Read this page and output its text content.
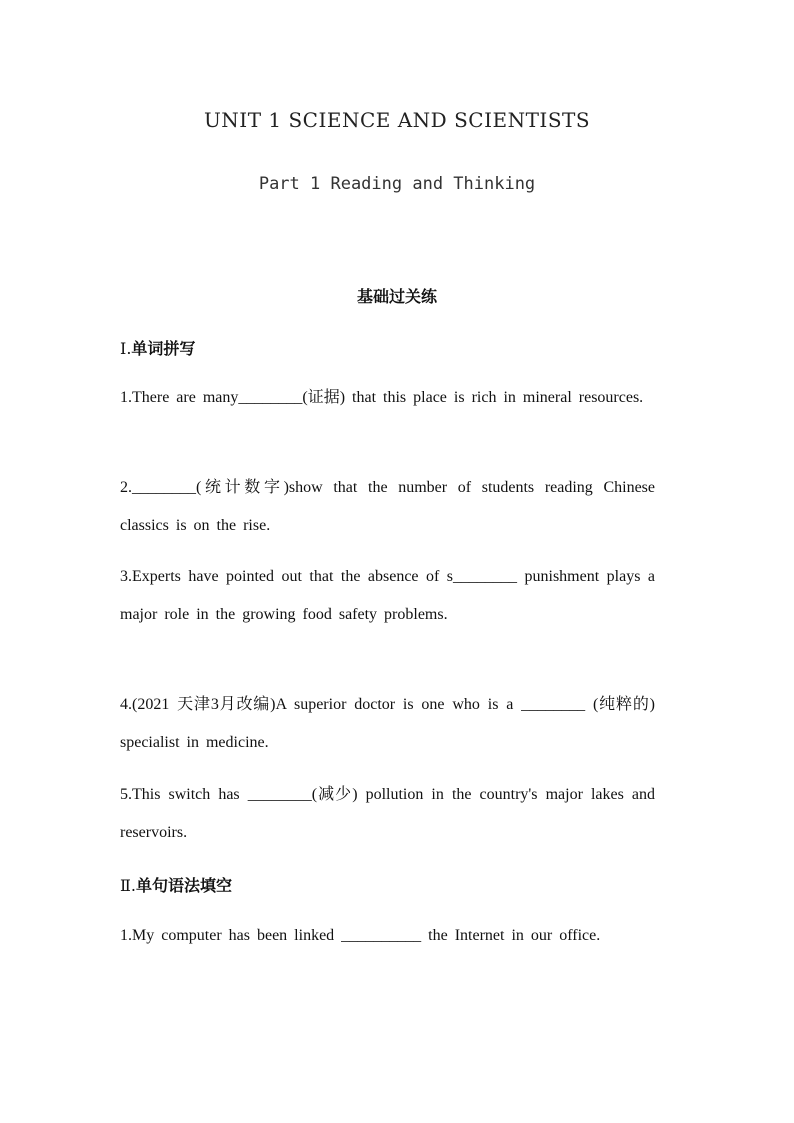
UNIT 1 SCIENCE AND SCIENTISTS
Part 1 Reading and Thinking
基础过关练
Ⅰ.单词拼写
1.There are many________(证据) that this place is rich in mineral resources.
2.________(统计数字)show that the number of students reading Chinese classics is on the rise.
3.Experts have pointed out that the absence of s________ punishment plays a major role in the growing food safety problems.
4.(2021 天津3月改编)A superior doctor is one who is a ________ (纯粹的) specialist in medicine.
5.This switch has ________(减少) pollution in the country's major lakes and reservoirs.
Ⅱ.单句语法填空
1.My computer has been linked __________ the Internet in our office.
